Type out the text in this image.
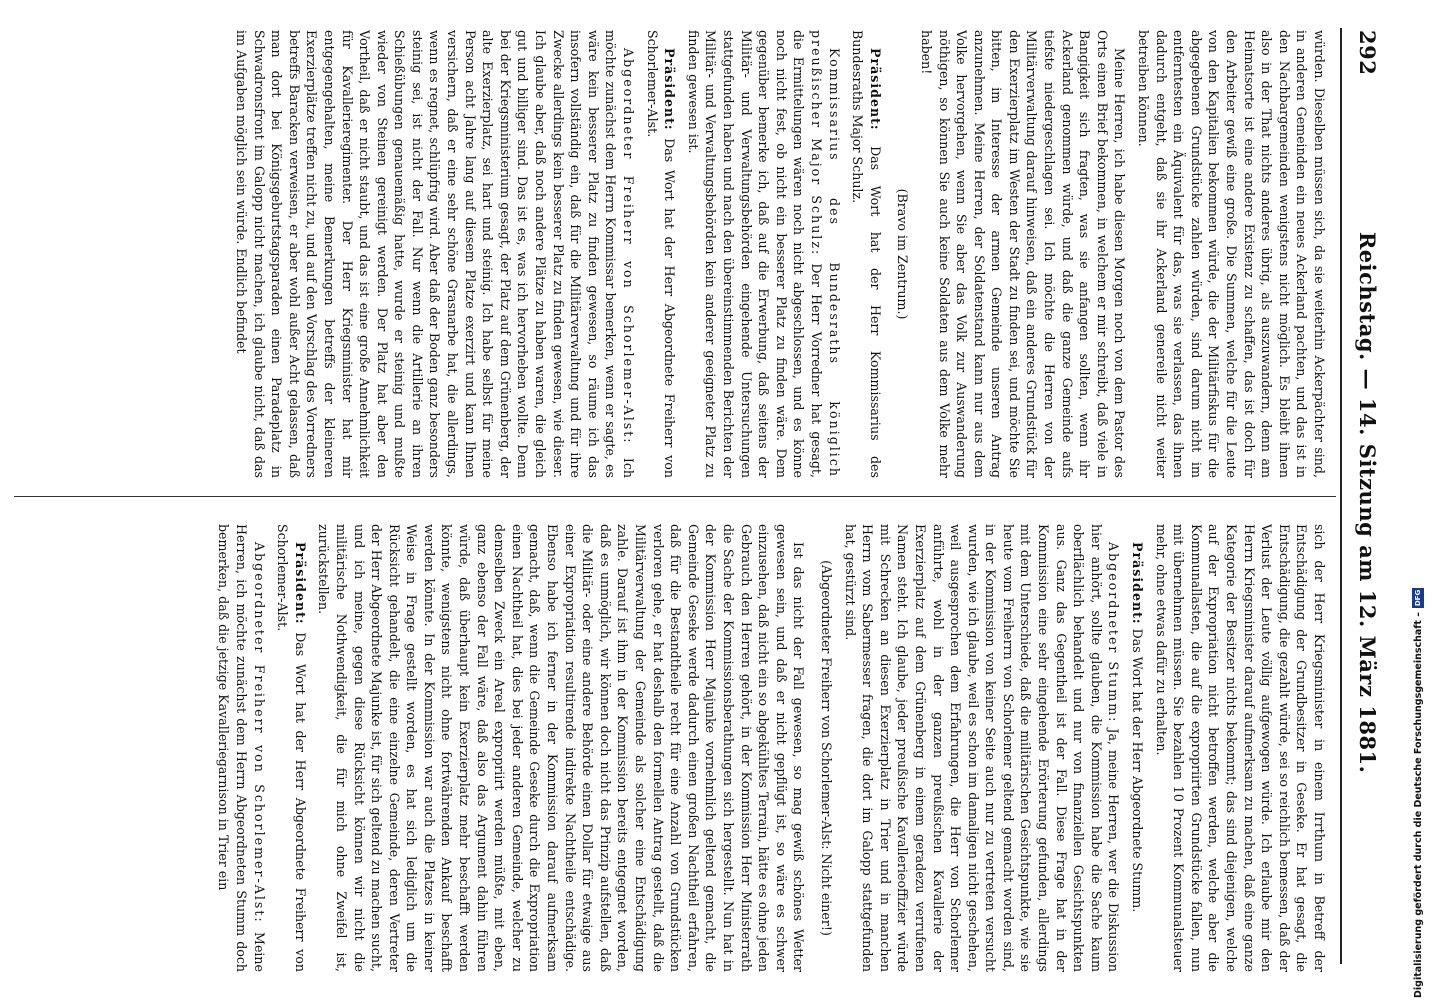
292
Reichstag. — 14. Sitzung am 12. März 1881.

würden. Dieselben müssen sich, da sie weiterhin Ackerpächter sind, in anderen Gemeinden ein neues Ackerland pachten, und das ist in den Nachbargemeinden wenigstens nicht möglich. Es bleibt ihnen also in der That nichts anderes übrig, als auszuwandern, denn am Heimatsorte ist eine andere Existenz zu schaffen, das ist doch für den Arbeiter gewiß eine große. Die Summen, welche für die Leute von den Kapitalien bekommen würde, die der Militärfiskus für die abgegebenen Grundstücke zahlen würden, sind darum nicht im entferntesten ein Äquivalent für das, was sie verlassen, das ihnen dadurch entgeht, daß sie ihr Ackerland genereile nicht weiter betreiben können.

Meine Herren, ich habe diesen Morgen noch von dem Pastor des Orts einen Brief bekommen, in welchem er mir schreibt, daß viele in Bangigkeit sich fragten, was sie anfangen sollten, wenn ihr Ackerland genommen würde, und daß die ganze Gemeinde aufs tiefste niedergeschlagen sei. Ich möchte die Herren von der Militärverwaltung darauf hinweisen, daß ein anderes Grundstück für den Exerzierplatz im Westen der Stadt zu finden sei, und möchte Sie bitten, im Interesse der armen Gemeinde unseren Antrag anzunehmen. Meine Herren, der Soldatenstand kann nur aus dem Volke hervorgehen, wenn Sie aber das Volk zur Auswanderung nöthigen, so können Sie auch keine Soldaten aus dem Volke mehr haben!

(Bravo im Zentrum.)

Präsident: Das Wort hat der Herr Kommissarius des Bundesraths Major Schulz.

Kommissarius des Bundesraths königlich preußischer Major Schulz: Der Herr Vorredner hat gesagt, die Ermittelungen wären noch nicht abgeschlossen, und es könne noch nicht fest, ob nicht ein besserer Platz zu finden wäre. Dem gegenüber bemerke ich, daß auf die Erwerbung, daß seitens der Militär- und Verwaltungsbehörden eingehende Untersuchungen stattgefunden haben und nach den übereinstimmenden Berichten der Militär- und Verwaltungsbehörden kein anderer geeigneter Platz zu finden gewesen ist.

Präsident: Das Wort hat der Herr Abgeordnete Freiherr von Schorlemer-Alst.

Abgeordneter Freiherr von Schorlemer-Alst: Ich möchte zunächst dem Herrn Kommissar bemerken, wenn er sagte, es wäre kein besserer Platz zu finden gewesen, so räume ich das insofern vollständig ein, daß für die Militärverwaltung und für ihre Zwecke allerdings kein besserer Platz zu finden gewesen, wie dieser. Ich glaube aber, daß noch andere Plätze zu haben waren, die gleich gut und billiger sind. Das ist es, was ich hervorheben wollte. Denn bei der Kriegsministerium gesagt, der Platz auf dem Grünenberg, der alte Exerzierplatz, sei hart und steinig. Ich habe selbst für meine Person acht Jahre lang auf diesem Platze exerzirt und kann Ihnen versichern, daß er eine sehr schöne Grasnarbe hat, die allerdings, wenn es regnet, schlüpfrig wird. Aber daß der Boden ganz besonders steinig sei, ist nicht der Fall. Nur wenn die Artillerie an ihren Schießübungen genauemäßig hatte, wurde er steinig und mußte wieder von Steinen gereinigt werden. Der Platz hat aber den Vortheil, daß er nicht staubt, und das ist eine große Annehmlichkeit für Kavallerieregimenter. Der Herr Kriegsminister hat mir entgegengehalten, meine Bemerkungen betreffs der kleineren Exerzierplätze treffen nicht zu, und auf den Vorschlag des Vorredners betreffs Baracken verweisen, er aber wohl außer Acht gelassen, daß man dort bei Königsgeburtstagsparaden einen Paradeplatz in Schwadronsfront im Galopp nicht machen, ich glaube nicht, daß das im Aufgaben möglich sein würde. Endlich befindet

sich der Herr Kriegsminister in einem Irrthum in Betreff der Entschädigung der Grundbesitzer in Geseke. Er hat gesagt, die Entschädigung, die gezahlt würde, sei so reichlich bemessen, daß der Verlust der Leute völlig aufgewogen würde. Ich erlaube mir den Herrn Kriegsminister darauf aufmerksam zu machen, daß eine ganze Kategorie der Besitzer nichts bekommt; das sind diejenigen, welche auf der Expropriation nicht betroffen werden, welche aber die Kommunallasten, die auf die expropriirten Grundstücke fallen, nun mit übernehmen müssen. Sie bezahlen 10 Prozent Kommunalsteuer mehr, ohne etwas dafür zu erhalten.

Präsident: Das Wort hat der Herr Abgeordnete Stumm.

Abgeordneter Stumm: Ja, meine Herren, wer die Diskussion hier anhört, sollte glauben, die Kommission habe die Sache kaum oberflächlich behandelt und nur von finanziellen Gesichtspunkten aus. Ganz das Gegentheil ist der Fall. Diese Frage hat in der Kommission eine sehr eingehende Erörterung gefunden, allerdings mit dem Unterschiede, daß die militärischen Gesichtspunkte, wie sie heute vom Freiherrn von Schorlemer geltend gemacht worden sind, in der Kommission von keiner Seite auch nur zu vertreten versucht wurden, wie ich glaube, weil es schon im damaligen nicht geschehen, weil ausgesprochen dem Erfahrungen, die Herr von Schorlemer anführte, wohl in der ganzen preußischen Kavallerie der Exerzierplatz auf dem Grünenberg in einem geradezu verrufenen Namen steht. Ich glaube, jeder preußische Kavallerieoffizier würde mit Schrecken an diesen Exerzierplatz in Trier und in manchen Herrn vom Sabermesser fragen, die dort im Galopp stattgefunden hat, gestürzt sind.

(Abgeordneter Freiherr von Schorlemer-Alst: Nicht einer!)

Ist das nicht der Fall gewesen, so mag gewiß schönes Wetter gewesen sein, und daß er nicht gepflügt ist, so wäre es schwer einzusehen, daß nicht ein so abgekühltes Terrain, hätte es ohne jeden Gebrauch den Herren gehört, in der Kommission Herr Ministerrath die Sache der Kommissionsberathungen sich hergestellt. Nun hat in der Kommission Herr Majunke vornehmlich geltend gemacht, die Gemeinde Geseke werde dadurch einen großen Nachtheil erfahren, daß für die Bestandtheile recht für eine Anzahl von Grundstücken verloren gehe, er hat deshalb den formellen Antrag gestellt, daß die Militärverwaltung der Gemeinde als solcher eine Entschädigung zahle. Darauf ist ihm in der Kommission bereits entgegnet worden, daß es unmöglich, wir können doch nicht das Prinzip aufstellen, daß die Militär- oder eine andere Behörde einen Dollar für etwaige aus einer Expropriation resultirende indirekte Nachtheile entschädige. Ebenso habe ich ferner in der Kommission darauf aufmerksam gemacht, daß, wenn die Gemeinde Geseke durch die Expropriation einen Nachtheil hat, dies bei jeder anderen Gemeinde, welcher zu demselben Zweck ein Areal expropriirt werden müßte, mit eben, ganz ebenso der Fall wäre, daß also das Argument dahin führen würde, daß überhaupt kein Exerzierplatz mehr beschafft werden könnte, wenigstens nicht ohne fortwährenden Ankauf beschafft werden könnte. In der Kommission war auch die Platzes in keiner Weise in Frage gestellt worden, es hat sich lediglich um die Rücksicht gehandelt, die eine einzelne Gemeinde, deren Vertreter der Herr Abgeordnete Majunke ist, für sich geltend zu machen sucht, und ich meine, gegen diese Rücksicht können wir nicht die militärische Nothwendigkeit, die für mich ohne Zweifel ist, zurückstellen.

Präsident: Das Wort hat der Herr Abgeordnete Freiherr von Schorlemer-Alst.

Abgeordneter Freiherr von Schorlemer-Alst: Meine Herren, ich möchte zunächst dem Herrn Abgeordneten Stumm doch bemerken, daß die jetzige Kavalleriegarnison in Trier ein	Digitalisierung gefördert durch die Deutsche Forschungsgemeinschaft –
DFG
